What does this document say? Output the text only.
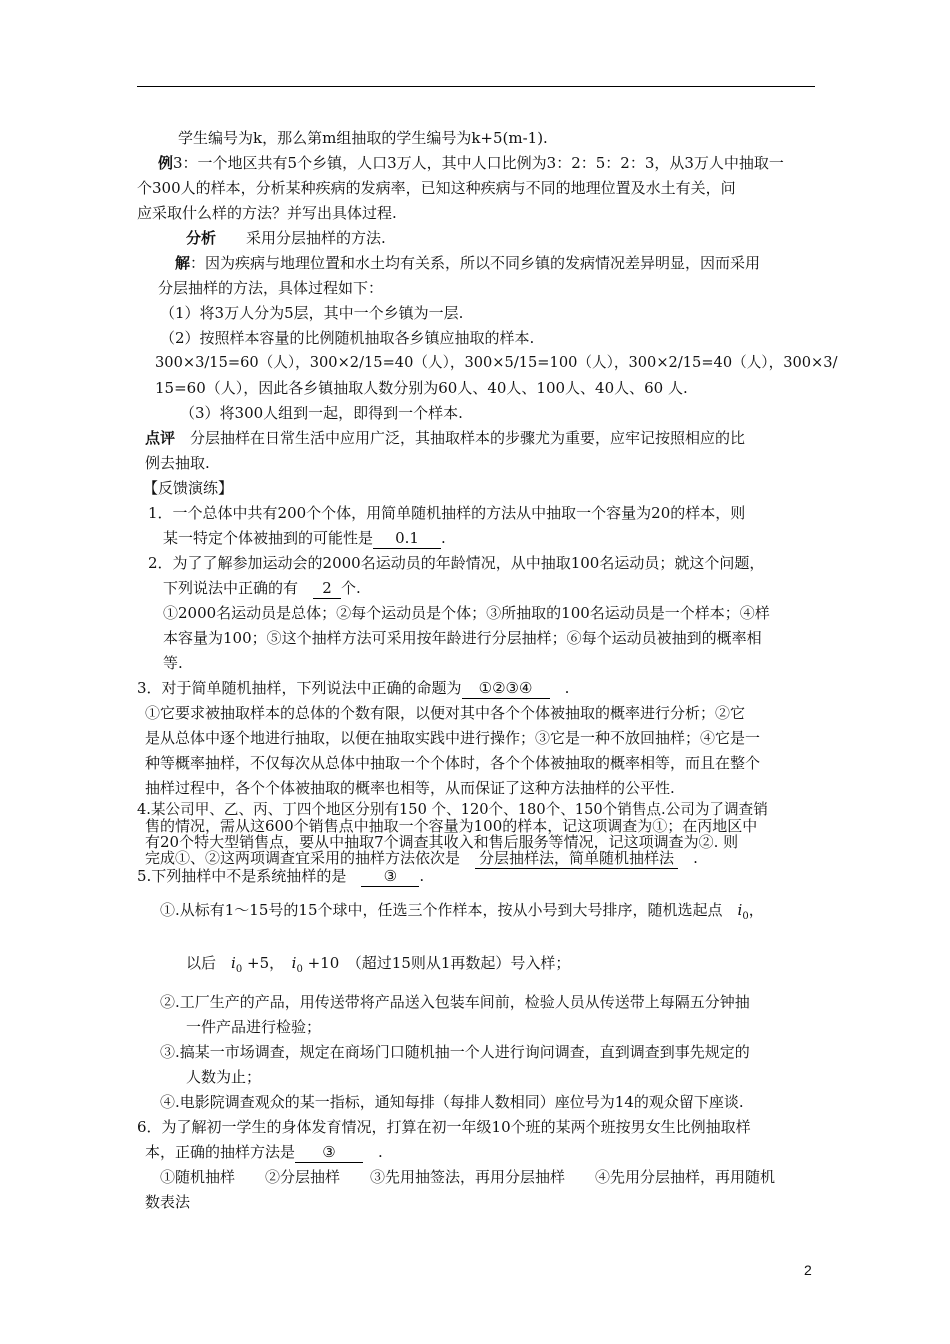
学生编号为k，那么第m组抽取的学生编号为k+5(m-1).
例3：一个地区共有5个乡镇，人口3万人，其中人口比例为3：2：5：2：3，从3万人中抽取一
个300人的样本，分析某种疾病的发病率，已知这种疾病与不同的地理位置及水土有关，问
应采取什么样的方法？并写出具体过程.
分析　　 采用分层抽样的方法.
解：因为疾病与地理位置和水土均有关系，所以不同乡镇的发病情况差异明显，因而采用
分层抽样的方法，具体过程如下：
（1）将3万人分为5层，其中一个乡镇为一层.
（2）按照样本容量的比例随机抽取各乡镇应抽取的样本.
300×3/15=60（人），300×2/15=40（人），300×5/15=100（人），300×2/15=40（人），300×3/
15=60（人），因此各乡镇抽取人数分别为60人、40人、100人、40人、60 人.
（3）将300人组到一起，即得到一个样本.
点评　 分层抽样在日常生活中应用广泛，其抽取样本的步骤尤为重要，应牢记按照相应的比
例去抽取.
【反馈演练】
1．一个总体中共有200个个体，用简单随机抽样的方法从中抽取一个容量为20的样本，则
某一特定个体被抽到的可能性是 0.1 .
2．为了了解参加运动会的2000名运动员的年龄情况，从中抽取100名运动员；就这个问题，
下列说法中正确的有　 2 个.
①2000名运动员是总体；②每个运动员是个体；③所抽取的100名运动员是一个样本；④样
本容量为100；⑤这个抽样方法可采用按年龄进行分层抽样；⑥每个运动员被抽到的概率相
等.
3．对于简单随机抽样，下列说法中正确的命题为 ①②③④　 .
①它要求被抽取样本的总体的个数有限，以便对其中各个个体被抽取的概率进行分析；②它
是从总体中逐个地进行抽取，以便在抽取实践中进行操作；③它是一种不放回抽样；④它是一
种等概率抽样，不仅每次从总体中抽取一个个体时，各个个体被抽取的概率相等，而且在整个
抽样过程中，各个个体被抽取的概率也相等，从而保证了这种方法抽样的公平性.
4.某公司甲、乙、丙、丁四个地区分别有150 个、120个、180个、150个销售点.公司为了调查销
售的情况，需从这600个销售点中抽取一个容量为100的样本，记这项调查为①；在丙地区中
有20个特大型销售点，要从中抽取7个调查其收入和售后服务等情况，记这项调查为②. 则
完成①、②这两项调查宜采用的抽样方法依次是　 分层抽样法，简单随机抽样法　 .
5.下列抽样中不是系统抽样的是　 ③ .
①.从标有1～15号的15个球中，任选三个作样本，按从小号到大号排序，随机选起点　 $i_0$，
以后　 $i_0 +5$，　$i_0 +10$　 （超过15则从1再数起）号入样；
②.工厂生产的产品，用传送带将产品送入包装车间前，检验人员从传送带上每隔五分钟抽
一件产品进行检验；
③.搞某一市场调查，规定在商场门口随机抽一个人进行询问调查，直到调查到事先规定的
人数为止；
④.电影院调查观众的某一指标，通知每排（每排人数相同）座位号为14的观众留下座谈.
6．为了解初一学生的身体发育情况，打算在初一年级10个班的某两个班按男女生比例抽取样
本，正确的抽样方法是 ③　	.
①随机抽样　　②分层抽样　　③先用抽签法，再用分层抽样　　④先用分层抽样，再用随机
数表法
2
